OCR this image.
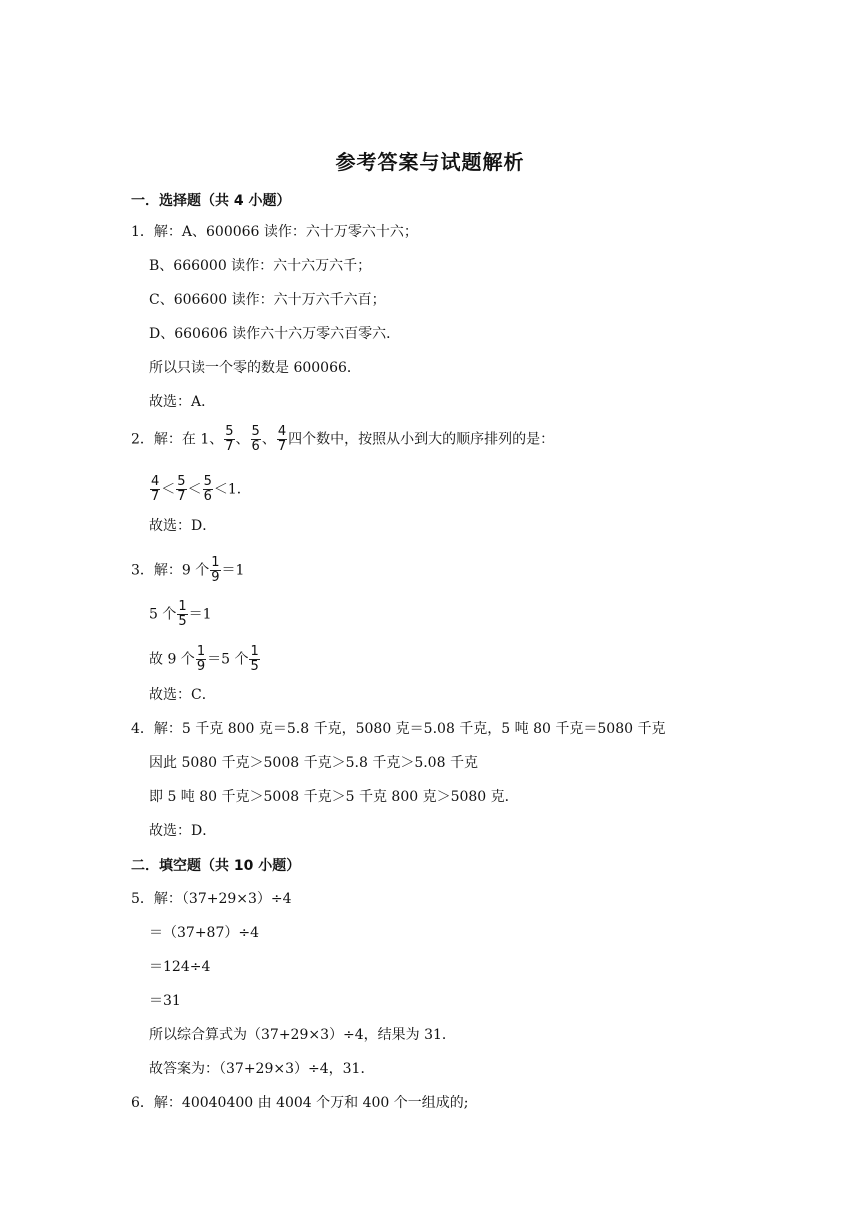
参考答案与试题解析
一．选择题（共 4 小题）
1．解：A、600066 读作：六十万零六十六；
B、666000 读作：六十六万六千；
C、606600 读作：六十万六千六百；
D、660606 读作六十六万零六百零六．
所以只读一个零的数是 600066．
故选：A．
2．解：在 1、 $\frac{5}{7}$ 、 $\frac{5}{6}$ 、 $\frac{4}{7}$ 四个数中，按照从小到大的顺序排列的是：
$\frac{4}{7} < \frac{5}{7} < \frac{5}{6} <1$．
故选：D．
3．解：9 个 $\frac{1}{9} =1$
5 个 $\frac{1}{5} =1$
故 9 个 $\frac{1}{9} =5$ 个 $\frac{1}{5}$
故选：C．
4．解：5 千克 800 克＝5.8 千克，5080 克＝5.08 千克，5 吨 80 千克＝5080 千克
因此 5080 千克＞5008 千克＞5.8 千克＞5.08 千克
即 5 吨 80 千克＞5008 千克＞5 千克 800 克＞5080 克．
故选：D．
二．填空题（共 10 小题）
5．解：（37+29×3）÷4
＝（37+87）÷4
＝124÷4
＝31
所以综合算式为（37+29×3）÷4，结果为 31．
故答案为：（37+29×3）÷4，31．
6．解：40040400 由 4004 个万和 400 个一组成的;
